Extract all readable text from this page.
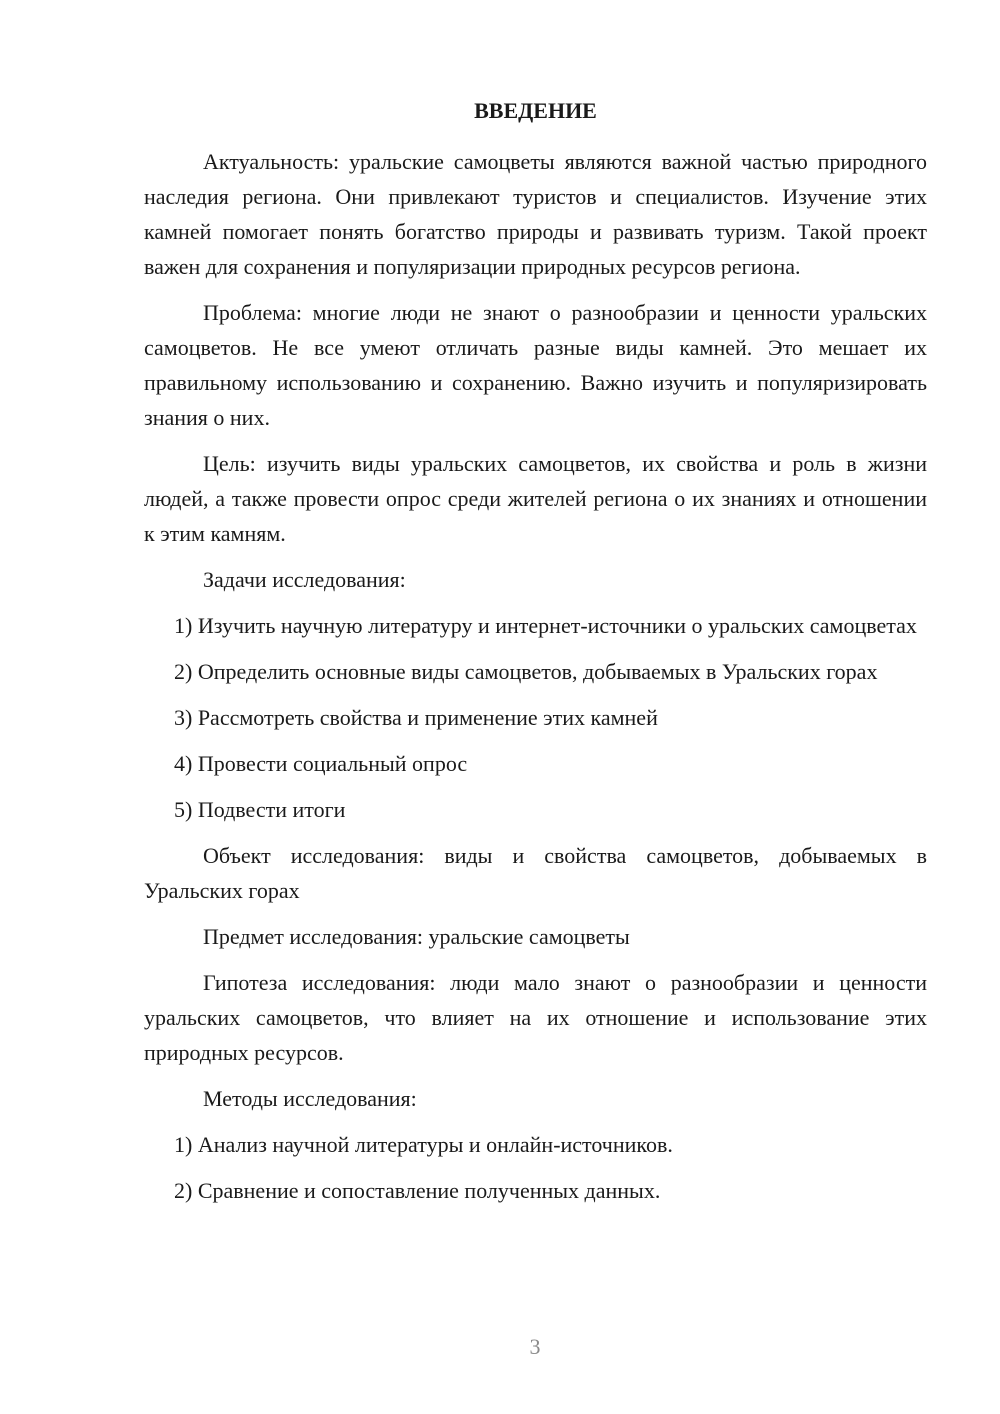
ВВЕДЕНИЕ

Актуальность: уральские самоцветы являются важной частью природного наследия региона. Они привлекают туристов и специалистов. Изучение этих камней помогает понять богатство природы и развивать туризм. Такой проект важен для сохранения и популяризации природных ресурсов региона.

Проблема: многие люди не знают о разнообразии и ценности уральских самоцветов. Не все умеют отличать разные виды камней. Это мешает их правильному использованию и сохранению. Важно изучить и популяризировать знания о них.

Цель: изучить виды уральских самоцветов, их свойства и роль в жизни людей, а также провести опрос среди жителей региона о их знаниях и отношении к этим камням.

Задачи исследования:

1) Изучить научную литературу и интернет-источники о уральских самоцветах

2) Определить основные виды самоцветов, добываемых в Уральских горах

3) Рассмотреть свойства и применение этих камней

4) Провести социальный опрос

5) Подвести итоги

Объект исследования: виды и свойства самоцветов, добываемых в Уральских горах

Предмет исследования: уральские самоцветы

Гипотеза исследования: люди мало знают о разнообразии и ценности уральских самоцветов, что влияет на их отношение и использование этих природных ресурсов.

Методы исследования:

1) Анализ научной литературы и онлайн-источников.

2) Сравнение и сопоставление полученных данных.

3
